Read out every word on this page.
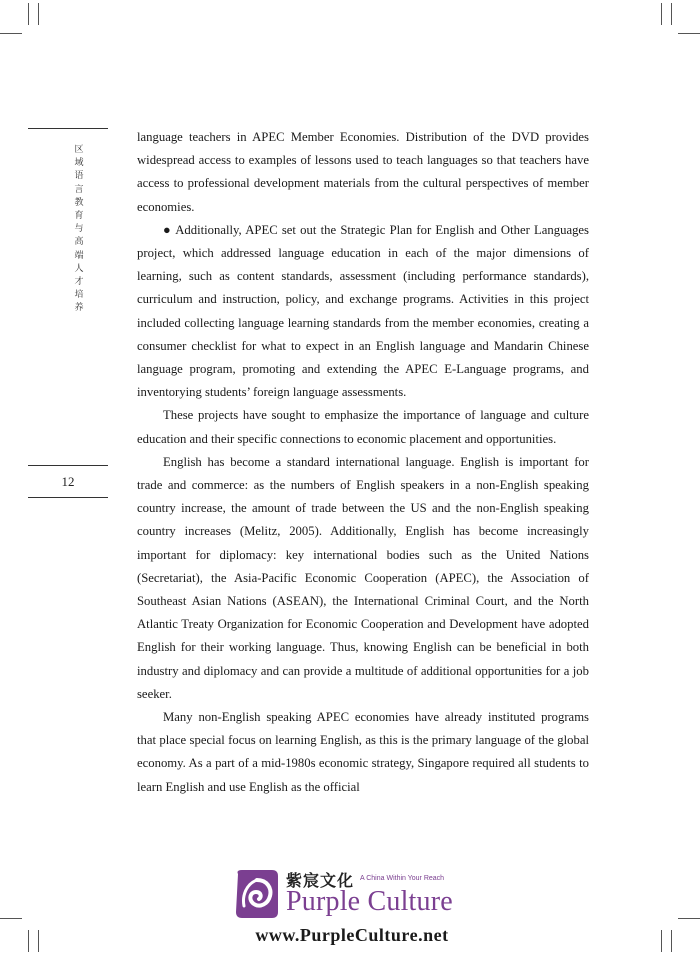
区域语言教育与高端人才培养
12

language teachers in APEC Member Economies. Distribution of the DVD provides widespread access to examples of lessons used to teach languages so that teachers have access to professional development materials from the cultural perspectives of member economies.

● Additionally, APEC set out the Strategic Plan for English and Other Languages project, which addressed language education in each of the major dimensions of learning, such as content standards, assessment (including performance standards), curriculum and instruction, policy, and exchange programs. Activities in this project included collecting language learning standards from the member economies, creating a consumer checklist for what to expect in an English language and Mandarin Chinese language program, promoting and extending the APEC E-Language programs, and inventorying students’ foreign language assessments.

These projects have sought to emphasize the importance of language and culture education and their specific connections to economic placement and opportunities.

English has become a standard international language. English is important for trade and commerce: as the numbers of English speakers in a non-English speaking country increase, the amount of trade between the US and the non-English speaking country increases (Melitz, 2005). Additionally, English has become increasingly important for diplomacy: key international bodies such as the United Nations (Secretariat), the Asia-Pacific Economic Cooperation (APEC), the Association of Southeast Asian Nations (ASEAN), the International Criminal Court, and the North Atlantic Treaty Organization for Economic Cooperation and Development have adopted English for their working language. Thus, knowing English can be beneficial in both industry and diplomacy and can provide a multitude of additional opportunities for a job seeker.

Many non-English speaking APEC economies have already instituted programs that place special focus on learning English, as this is the primary language of the global economy. As a part of a mid-1980s economic strategy, Singapore required all students to learn English and use English as the official

紫宸文化 A China Within Your Reach
Purple Culture
www.PurpleCulture.net
